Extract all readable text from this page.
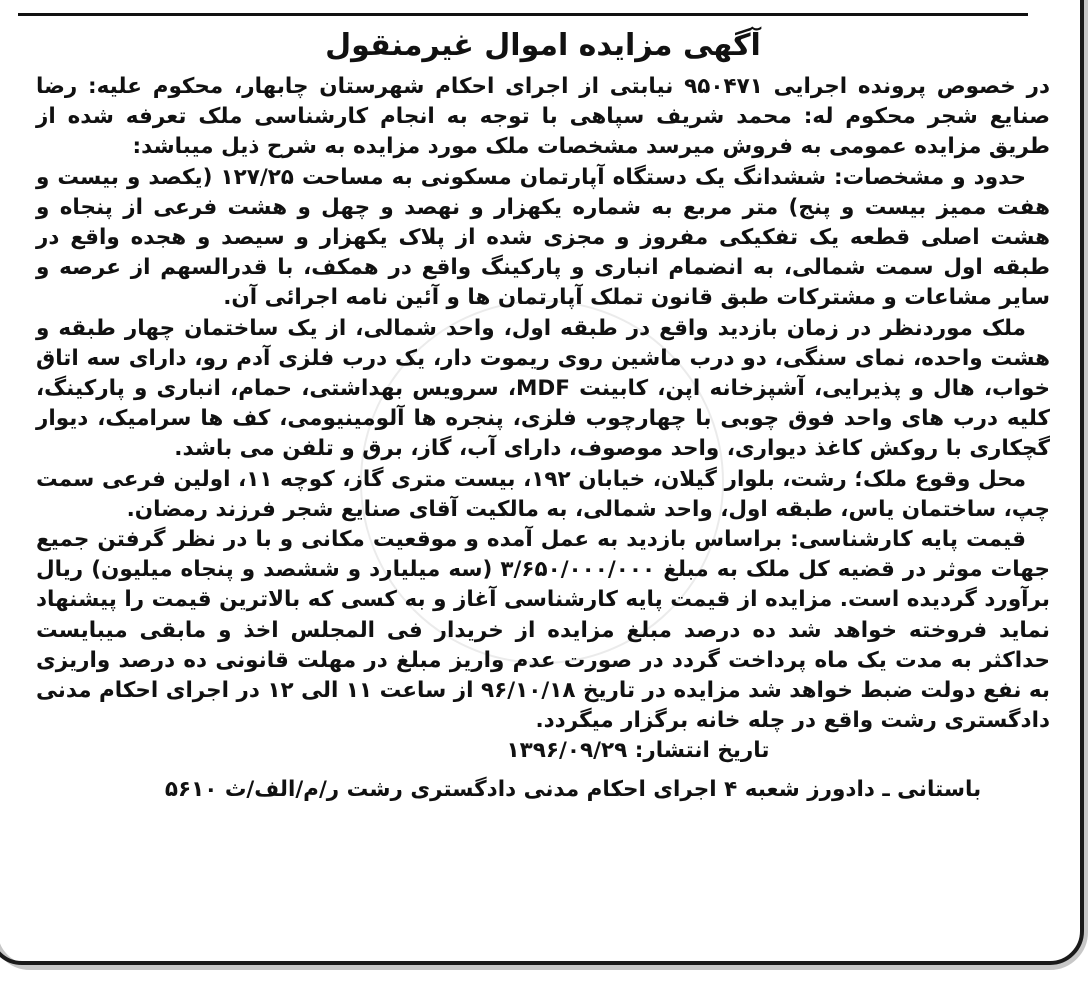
آگهی مزایده اموال غیرمنقول

در خصوص پرونده اجرایی ۹۵۰۴۷۱ نیابتی از اجرای احکام شهرستان چابهار، محکوم علیه: رضا صنایع شجر محکوم له: محمد شریف سپاهی با توجه به انجام کارشناسی ملک تعرفه شده از طریق مزایده عمومی به فروش میرسد مشخصات ملک مورد مزایده به شرح ذیل میباشد:

حدود و مشخصات: ششدانگ یک دستگاه آپارتمان مسکونی به مساحت ۱۲۷/۲۵ (یکصد و بیست و هفت ممیز بیست و پنج) متر مربع به شماره یکهزار و نهصد و چهل و هشت فرعی از پنجاه و هشت اصلی قطعه یک تفکیکی مفروز و مجزی شده از پلاک یکهزار و سیصد و هجده واقع در طبقه اول سمت شمالی، به انضمام انباری و پارکینگ واقع در همکف، با قدرالسهم از عرصه و سایر مشاعات و مشترکات طبق قانون تملک آپارتمان ها و آئین نامه اجرائی آن.

ملک موردنظر در زمان بازدید واقع در طبقه اول، واحد شمالی، از یک ساختمان چهار طبقه و هشت واحده، نمای سنگی، دو درب ماشین روی ریموت دار، یک درب فلزی آدم رو، دارای سه اتاق خواب، هال و پذیرایی، آشپزخانه اپن، کابینت MDF، سرویس بهداشتی، حمام، انباری و پارکینگ، کلیه درب های واحد فوق چوبی با چهارچوب فلزی، پنجره ها آلومینیومی، کف ها سرامیک، دیوار گچکاری با روکش کاغذ دیواری، واحد موصوف، دارای آب، گاز، برق و تلفن می باشد.

محل وقوع ملک؛ رشت، بلوار گیلان، خیابان ۱۹۲، بیست متری گاز، کوچه ۱۱، اولین فرعی سمت چپ، ساختمان یاس، طبقه اول، واحد شمالی، به مالکیت آقای صنایع شجر فرزند رمضان.

قیمت پایه کارشناسی: براساس بازدید به عمل آمده و موقعیت مکانی و با در نظر گرفتن جمیع جهات موثر در قضیه کل ملک به مبلغ ۳/۶۵۰/۰۰۰/۰۰۰ (سه میلیارد و ششصد و پنجاه میلیون) ریال برآورد گردیده است. مزایده از قیمت پایه کارشناسی آغاز و به کسی که بالاترین قیمت را پیشنهاد نماید فروخته خواهد شد ده درصد مبلغ مزایده از خریدار فی المجلس اخذ و مابقی میبایست حداکثر به مدت یک ماه پرداخت گردد در صورت عدم واریز مبلغ در مهلت قانونی ده درصد واریزی به نفع دولت ضبط خواهد شد مزایده در تاریخ ۹۶/۱۰/۱۸ از ساعت ۱۱ الی ۱۲ در اجرای احکام مدنی دادگستری رشت واقع در چله خانه برگزار میگردد.

تاریخ انتشار: ۱۳۹۶/۰۹/۲۹

باستانی ـ دادورز شعبه ۴ اجرای احکام مدنی دادگستری رشت ر/م/الف/ث ۵۶۱۰
